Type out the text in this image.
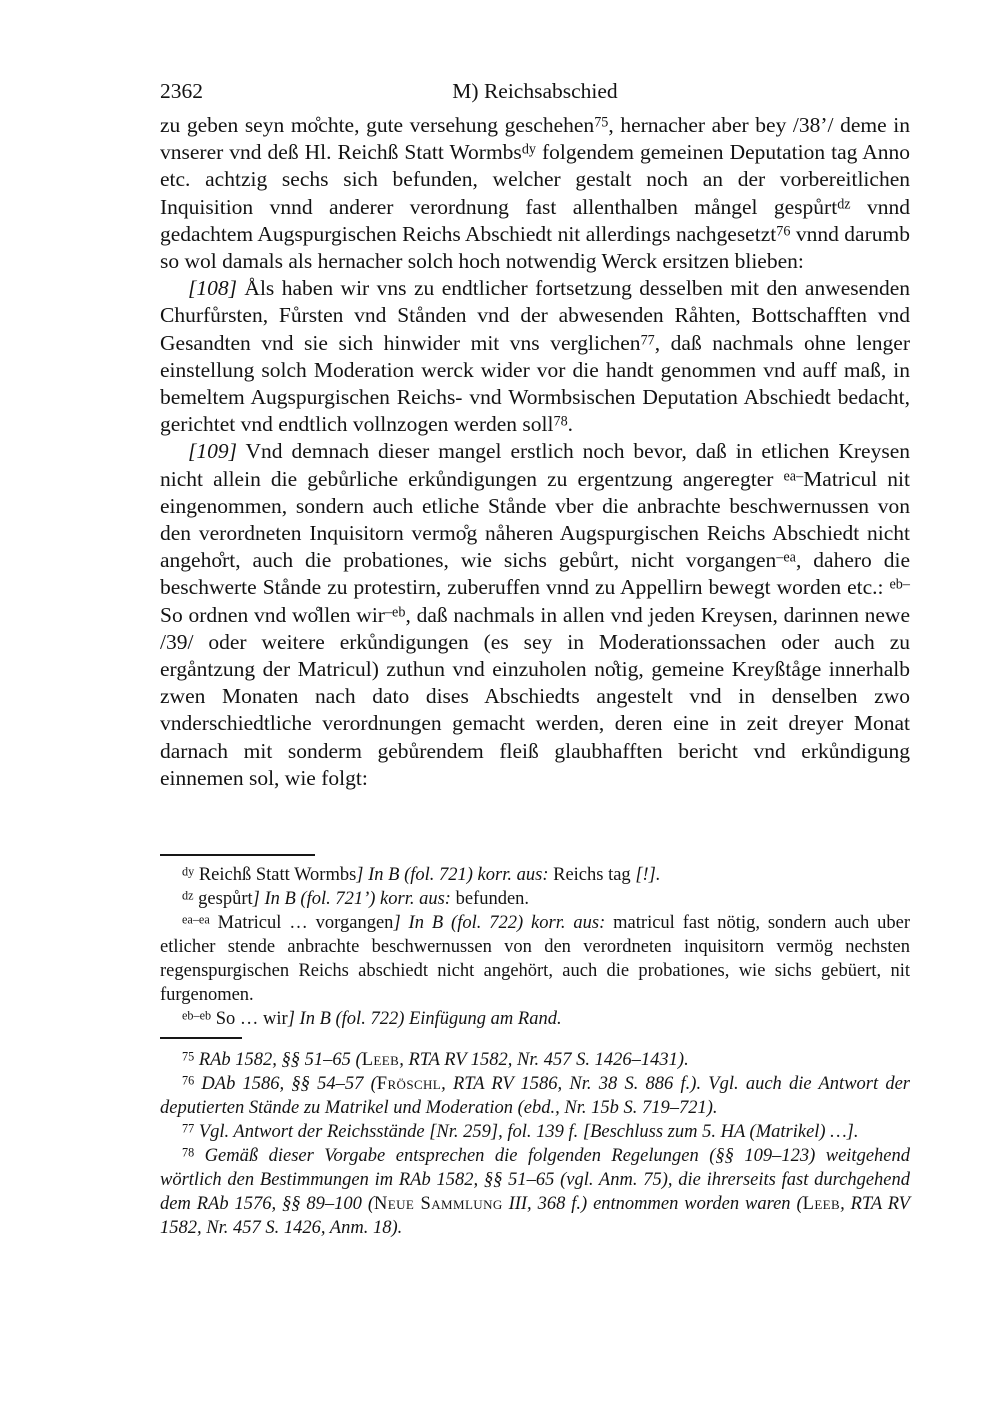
2362	M) Reichsabschied

zu geben seyn mo̊chte, gute versehung geschehen$^{75}$, hernacher aber bey /38’/ deme in vnserer vnd deß Hl. Reichß Statt Wormbs$^{dy}$ folgendem gemeinen Deputation tag Anno etc. achtzig sechs sich befunden, welcher gestalt noch an der vorbereitlichen Inquisition vnnd anderer verordnung fast allenthalben mångel gespůrt$^{dz}$ vnnd gedachtem Augspurgischen Reichs Abschiedt nit allerdings nachgesetzt$^{76}$ vnnd darumb so wol damals als hernacher solch hoch notwendig Werck ersitzen blieben:

[108] Åls haben wir vns zu endtlicher fortsetzung desselben mit den anwesenden Churfůrsten, Fůrsten vnd Stånden vnd der abwesenden Råhten, Bottschafften vnd Gesandten vnd sie sich hinwider mit vns verglichen$^{77}$, daß nachmals ohne lenger einstellung solch Moderation werck wider vor die handt genommen vnd auff maß, in bemeltem Augspurgischen Reichs- vnd Wormbsischen Deputation Abschiedt bedacht, gerichtet vnd endtlich vollnzogen werden soll$^{78}$.

[109] Vnd demnach dieser mangel erstlich noch bevor, daß in etlichen Kreysen nicht allein die gebůrliche erkůndigungen zu ergentzung angeregter $^{ea-}$Matricul nit eingenommen, sondern auch etliche Stånde vber die anbrachte beschwernussen von den verordneten Inquisitorn vermo̊g nåheren Augspurgischen Reichs Abschiedt nicht angeho̊rt, auch die probationes, wie sichs gebůrt, nicht vorgangen$^{-ea}$, dahero die beschwerte Stånde zu protestirn, zuberuffen vnnd zu Appellirn bewegt worden etc.: $^{eb-}$So ordnen vnd wo̊llen wir$^{-eb}$, daß nachmals in allen vnd jeden Kreysen, darinnen newe /39/ oder weitere erkůndigungen (es sey in Moderationssachen oder auch zu ergåntzung der Matricul) zuthun vnd einzuholen no̊tig, gemeine Kreyßtåge innerhalb zwen Monaten nach dato dises Abschiedts angestelt vnd in denselben zwo vnderschiedtliche verordnungen gemacht werden, deren eine in zeit dreyer Monat darnach mit sonderm gebůrendem fleiß glaubhafften bericht vnd erkůndigung einnemen sol, wie folgt:

$^{dy}$ Reichß Statt Wormbs] In B (fol. 721) korr. aus: Reichs tag [!].

$^{dz}$ gespůrt] In B (fol. 721’) korr. aus: befunden.

$^{ea-ea}$ Matricul … vorgangen] In B (fol. 722) korr. aus: matricul fast nötig, sondern auch uber etlicher stende anbrachte beschwernussen von den verordneten inquisitorn vermög nechsten regenspurgischen Reichs abschiedt nicht angehört, auch die probationes, wie sichs gebüert, nit furgenomen.

$^{eb-eb}$ So … wir] In B (fol. 722) Einfügung am Rand.

$^{75}$ RAb 1582, §§ 51–65 (Leeb, RTA RV 1582, Nr. 457 S. 1426–1431).

$^{76}$ DAb 1586, §§ 54–57 (Fröschl, RTA RV 1586, Nr. 38 S. 886 f.). Vgl. auch die Antwort der deputierten Stände zu Matrikel und Moderation (ebd., Nr. 15b S. 719–721).

$^{77}$ Vgl. Antwort der Reichsstände [Nr. 259], fol. 139 f. [Beschluss zum 5. HA (Matrikel) …].

$^{78}$ Gemäß dieser Vorgabe entsprechen die folgenden Regelungen (§§ 109–123) weitgehend wörtlich den Bestimmungen im RAb 1582, §§ 51–65 (vgl. Anm. 75), die ihrerseits fast durchgehend dem RAb 1576, §§ 89–100 (Neue Sammlung III, 368 f.) entnommen worden waren (Leeb, RTA RV 1582, Nr. 457 S. 1426, Anm. 18).
